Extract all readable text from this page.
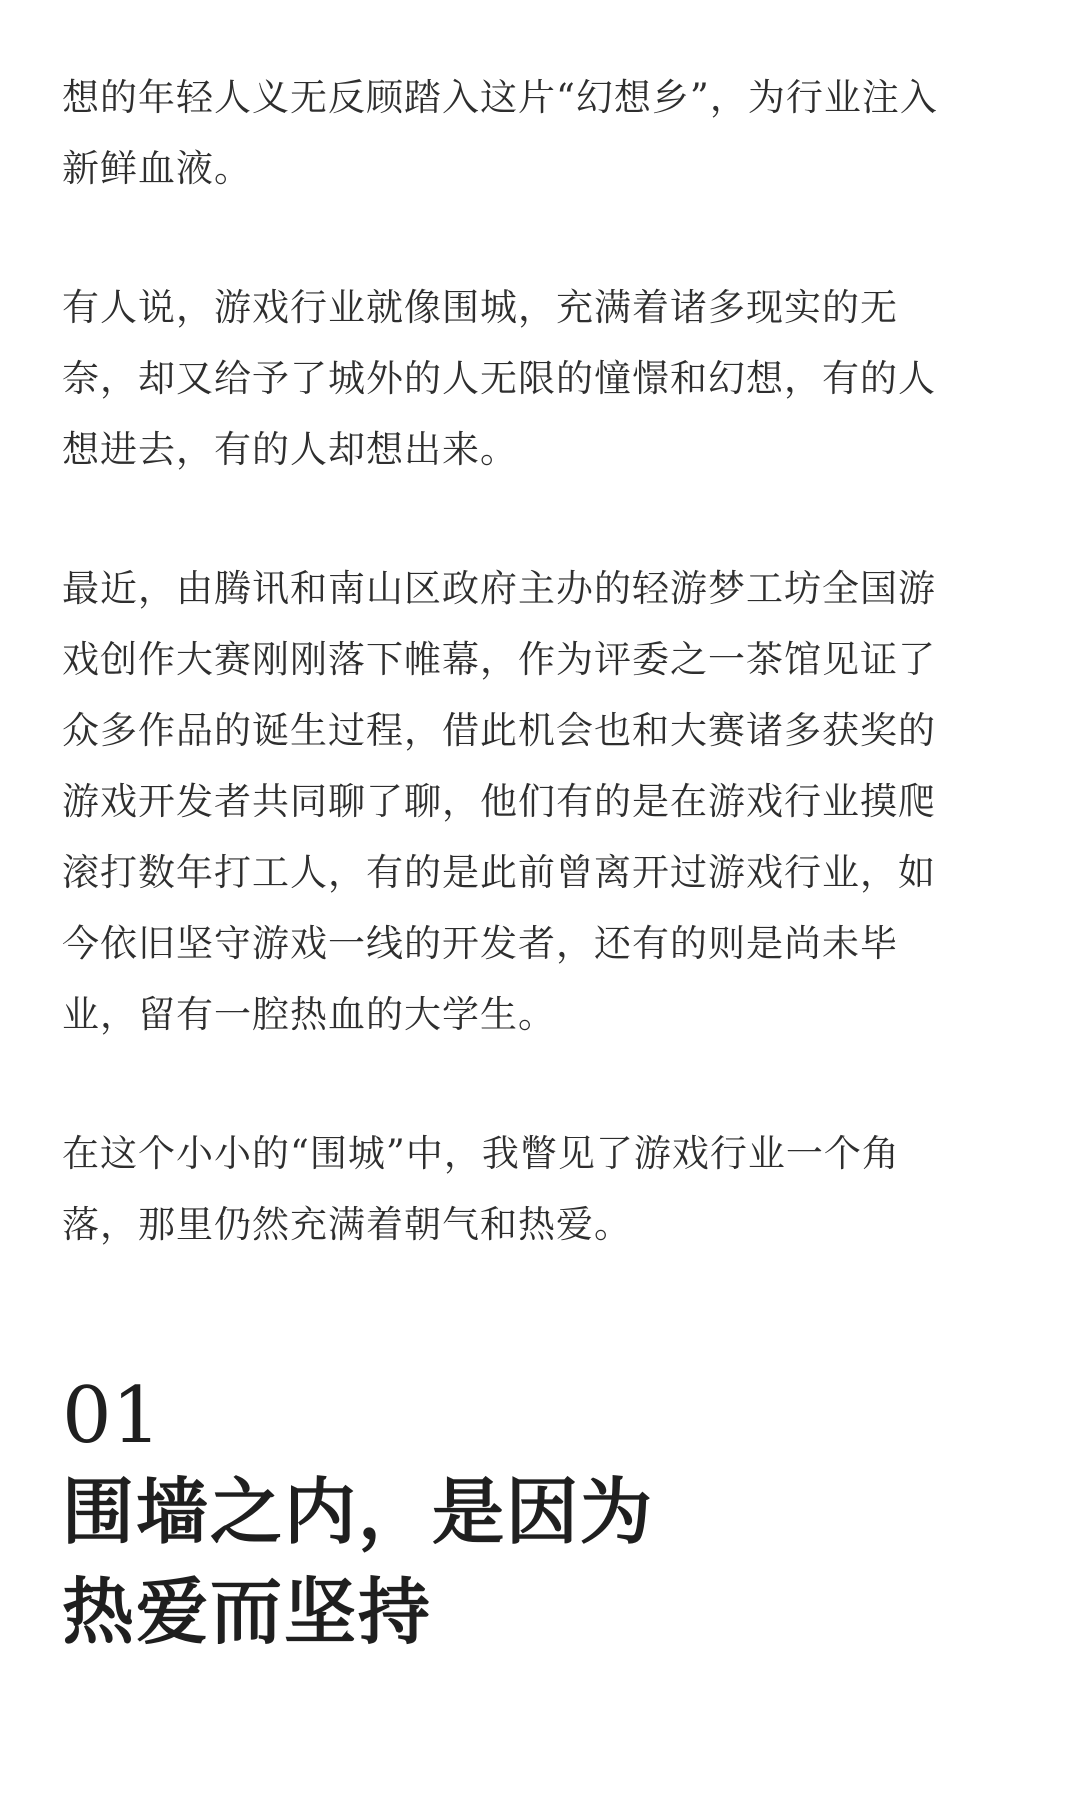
想的年轻人义无反顾踏入这片“幻想乡”，为行业注入
新鲜血液。

有人说，游戏行业就像围城，充满着诸多现实的无
奈，却又给予了城外的人无限的憧憬和幻想，有的人
想进去，有的人却想出来。

最近，由腾讯和南山区政府主办的轻游梦工坊全国游
戏创作大赛刚刚落下帷幕，作为评委之一茶馆见证了
众多作品的诞生过程，借此机会也和大赛诸多获奖的
游戏开发者共同聊了聊，他们有的是在游戏行业摸爬
滚打数年打工人，有的是此前曾离开过游戏行业，如
今依旧坚守游戏一线的开发者，还有的则是尚未毕
业，留有一腔热血的大学生。

在这个小小的“围城”中，我瞥见了游戏行业一个角
落，那里仍然充满着朝气和热爱。

01
围墙之内，是因为
热爱而坚持
